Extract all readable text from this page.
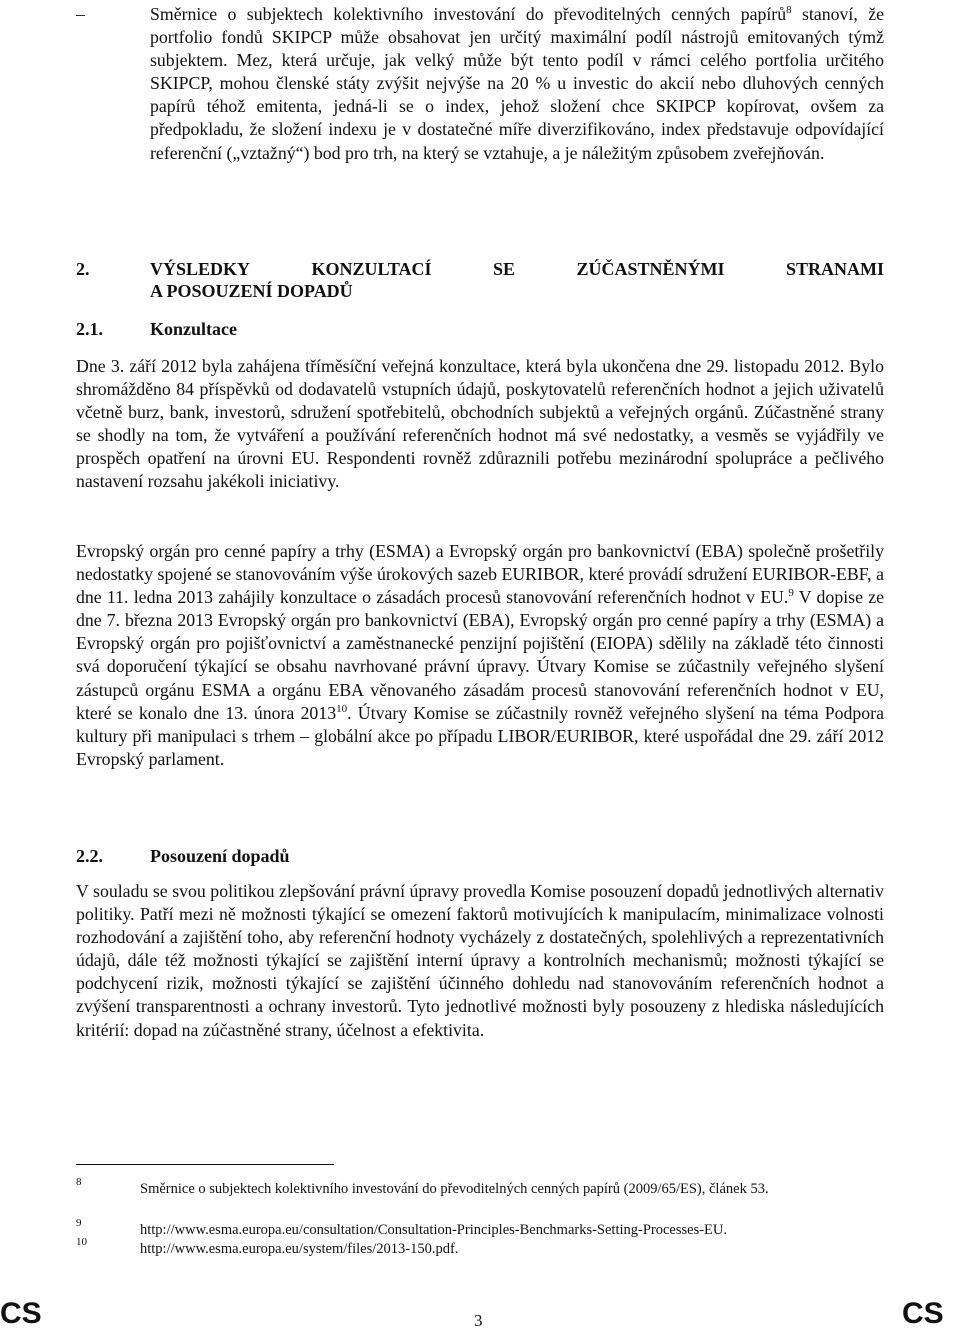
–	Směrnice o subjektech kolektivního investování do převoditelných cenných papírů$^8$ stanoví, že portfolio fondů SKIPCP může obsahovat jen určitý maximální podíl nástrojů emitovaných týmž subjektem. Mez, která určuje, jak velký může být tento podíl v rámci celého portfolia určitého SKIPCP, mohou členské státy zvýšit nejvýše na 20 % u investic do akcií nebo dluhových cenných papírů téhož emitenta, jedná-li se o index, jehož složení chce SKIPCP kopírovat, ovšem za předpokladu, že složení indexu je v dostatečné míře diverzifikováno, index představuje odpovídající referenční („vztažný“) bod pro trh, na který se vztahuje, a je náležitým způsobem zveřejňován.

2.	VÝSLEDKY	KONZULTACÍ	SE	ZÚČASTNĚNÝMI	STRANAMI
A POSOUZENÍ DOPADŮ
2.1.	Konzultace

Dne 3. září 2012 byla zahájena tříměsíční veřejná konzultace, která byla ukončena dne 29. listopadu 2012. Bylo shromážděno 84 příspěvků od dodavatelů vstupních údajů, poskytovatelů referenčních hodnot a jejich uživatelů včetně burz, bank, investorů, sdružení spotřebitelů, obchodních subjektů a veřejných orgánů. Zúčastněné strany se shodly na tom, že vytváření a používání referenčních hodnot má své nedostatky, a vesměs se vyjádřily ve prospěch opatření na úrovni EU. Respondenti rovněž zdůraznili potřebu mezinárodní spolupráce a pečlivého nastavení rozsahu jakékoli iniciativy.

Evropský orgán pro cenné papíry a trhy (ESMA) a Evropský orgán pro bankovnictví (EBA) společně prošetřily nedostatky spojené se stanovováním výše úrokových sazeb EURIBOR, které provádí sdružení EURIBOR-EBF, a dne 11. ledna 2013 zahájily konzultace o zásadách procesů stanovování referenčních hodnot v EU.$^9$ V dopise ze dne 7. března 2013 Evropský orgán pro bankovnictví (EBA), Evropský orgán pro cenné papíry a trhy (ESMA) a Evropský orgán pro pojišťovnictví a zaměstnanecké penzijní pojištění (EIOPA) sdělily na základě této činnosti svá doporučení týkající se obsahu navrhované právní úpravy. Útvary Komise se zúčastnily veřejného slyšení zástupců orgánu ESMA a orgánu EBA věnovaného zásadám procesů stanovování referenčních hodnot v EU, které se konalo dne 13. února 2013$^{10}$. Útvary Komise se zúčastnily rovněž veřejného slyšení na téma Podpora kultury při manipulaci s trhem – globální akce po případu LIBOR/EURIBOR, které uspořádal dne 29. září 2012 Evropský parlament.

2.2.	Posouzení dopadů

V souladu se svou politikou zlepšování právní úpravy provedla Komise posouzení dopadů jednotlivých alternativ politiky. Patří mezi ně možnosti týkající se omezení faktorů motivujících k manipulacím, minimalizace volnosti rozhodování a zajištění toho, aby referenční hodnoty vycházely z dostatečných, spolehlivých a reprezentativních údajů, dále též možnosti týkající se zajištění interní úpravy a kontrolních mechanismů; možnosti týkající se podchycení rizik, možnosti týkající se zajištění účinného dohledu nad stanovováním referenčních hodnot a zvýšení transparentnosti a ochrany investorů. Tyto jednotlivé možnosti byly posouzeny z hlediska následujících kritérií: dopad na zúčastněné strany, účelnost a efektivita.

8	Směrnice o subjektech kolektivního investování do převoditelných cenných papírů (2009/65/ES), článek 53.
9	http://www.esma.europa.eu/consultation/Consultation-Principles-Benchmarks-Setting-Processes-EU.
10	http://www.esma.europa.eu/system/files/2013-150.pdf.
CS	3	CS
